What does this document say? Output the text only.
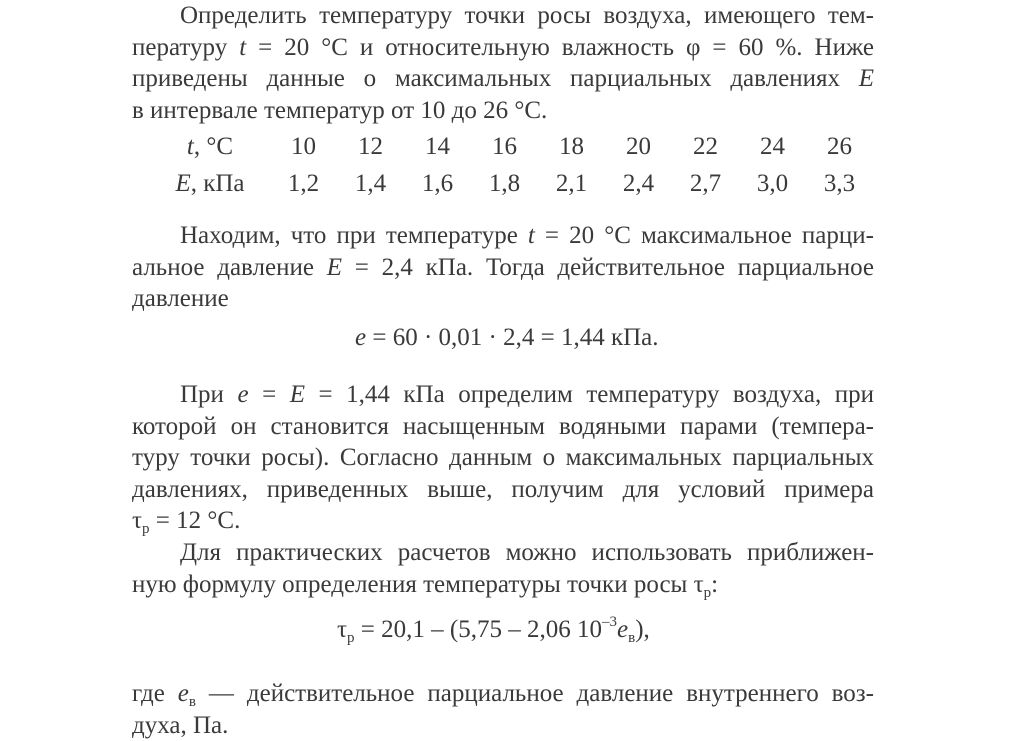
Определить температуру точки росы воздуха, имеющего тем-
пературу t = 20 °С и относительную влажность φ = 60 %. Ниже
приведены данные о максимальных парциальных давлениях E
в интервале температур от 10 до 26 °С.
t, °С	10	12	14	16	18	20	22	24	26
E, кПа	1,2	1,4	1,6	1,8	2,1	2,4	2,7	3,0	3,3
Находим, что при температуре t = 20 °С максимальное парци-
альное давление E = 2,4 кПа. Тогда действительное парциальное
давление
e = 60 · 0,01 · 2,4 = 1,44 кПа.
При e = E = 1,44 кПа определим температуру воздуха, при
которой он становится насыщенным водяными парами (темпера-
туру точки росы). Согласно данным о максимальных парциальных
давлениях, приведенных выше, получим для условий примера
$\tau_р = 12$ °С.
Для практических расчетов можно использовать приближен-
ную формулу определения температуры точки росы $\tau_р$:
$\tau_р = 20,1 - (5,75 - 2,06$ $10^{-3}e_в$),
где $e_в$ — действительное парциальное давление внутреннего воз-
духа, Па.
